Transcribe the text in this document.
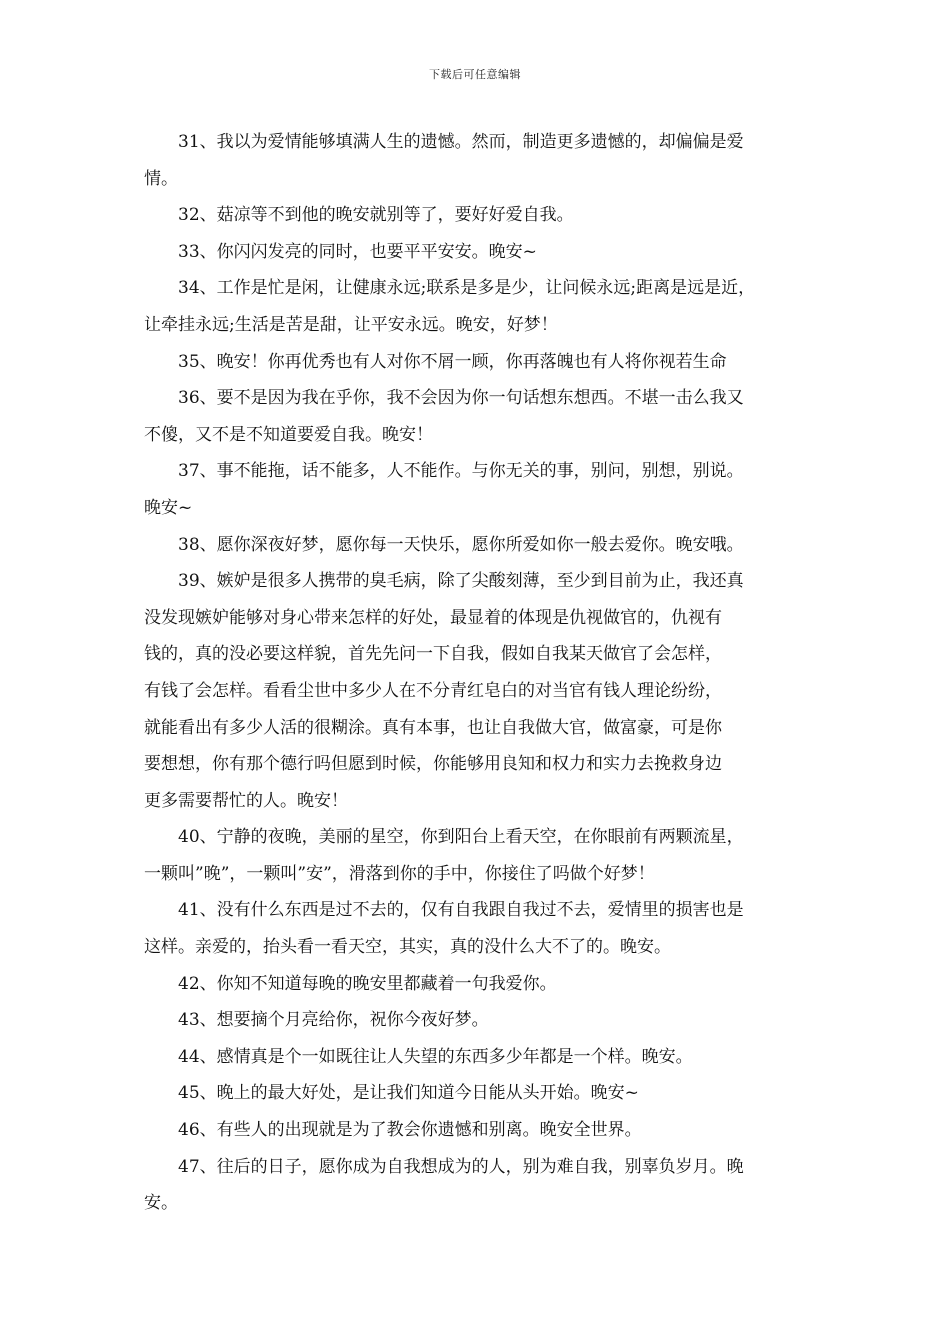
下载后可任意编辑
31、我以为爱情能够填满人生的遗憾。然而，制造更多遗憾的，却偏偏是爱
情。
32、菇凉等不到他的晚安就别等了，要好好爱自我。
33、你闪闪发亮的同时，也要平平安安。晚安~
34、工作是忙是闲，让健康永远;联系是多是少，让问候永远;距离是远是近，
让牵挂永远;生活是苦是甜，让平安永远。晚安，好梦！
35、晚安！你再优秀也有人对你不屑一顾，你再落魄也有人将你视若生命
36、要不是因为我在乎你，我不会因为你一句话想东想西。不堪一击么我又
不傻，又不是不知道要爱自我。晚安！
37、事不能拖，话不能多，人不能作。与你无关的事，别问，别想，别说。
晚安~
38、愿你深夜好梦，愿你每一天快乐，愿你所爱如你一般去爱你。晚安哦。
39、嫉妒是很多人携带的臭毛病，除了尖酸刻薄，至少到目前为止，我还真
没发现嫉妒能够对身心带来怎样的好处，最显着的体现是仇视做官的，仇视有
钱的，真的没必要这样貌，首先先问一下自我，假如自我某天做官了会怎样，
有钱了会怎样。看看尘世中多少人在不分青红皂白的对当官有钱人理论纷纷，
就能看出有多少人活的很糊涂。真有本事，也让自我做大官，做富豪，可是你
要想想，你有那个德行吗但愿到时候，你能够用良知和权力和实力去挽救身边
更多需要帮忙的人。晚安！
40、宁静的夜晚，美丽的星空，你到阳台上看天空，在你眼前有两颗流星，
一颗叫”晚”，一颗叫”安”，滑落到你的手中，你接住了吗做个好梦！
41、没有什么东西是过不去的，仅有自我跟自我过不去，爱情里的损害也是
这样。亲爱的，抬头看一看天空，其实，真的没什么大不了的。晚安。
42、你知不知道每晚的晚安里都藏着一句我爱你。
43、想要摘个月亮给你，祝你今夜好梦。
44、感情真是个一如既往让人失望的东西多少年都是一个样。晚安。
45、晚上的最大好处，是让我们知道今日能从头开始。晚安~
46、有些人的出现就是为了教会你遗憾和别离。晚安全世界。
47、往后的日子，愿你成为自我想成为的人，别为难自我，别辜负岁月。晚
安。
